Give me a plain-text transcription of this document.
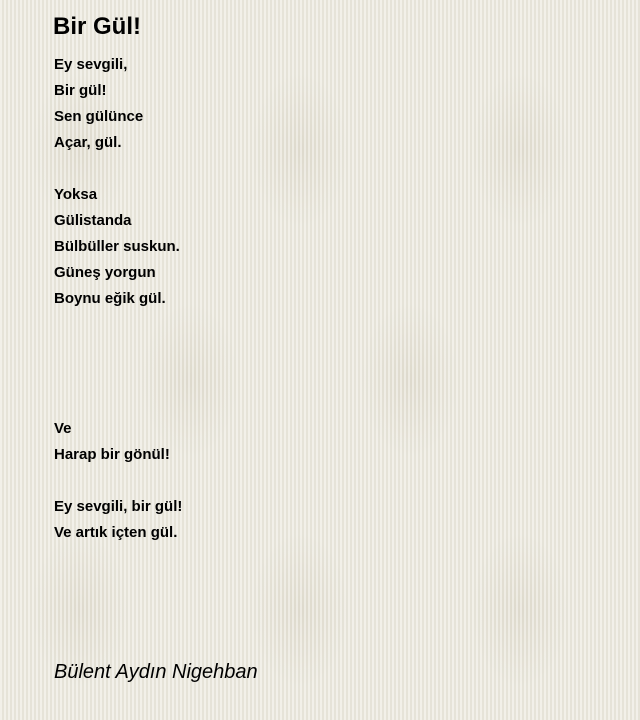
Bir Gül!
Ey sevgili,
Bir gül!
Sen gülünce
Açar, gül.
Yoksa
Gülistanda
Bülbüller suskun.
Güneş yorgun
Boynu eğik gül.
Ve
Harap bir gönül!
Ey sevgili, bir gül!
Ve artık içten gül.
Bülent Aydın Nigehban
